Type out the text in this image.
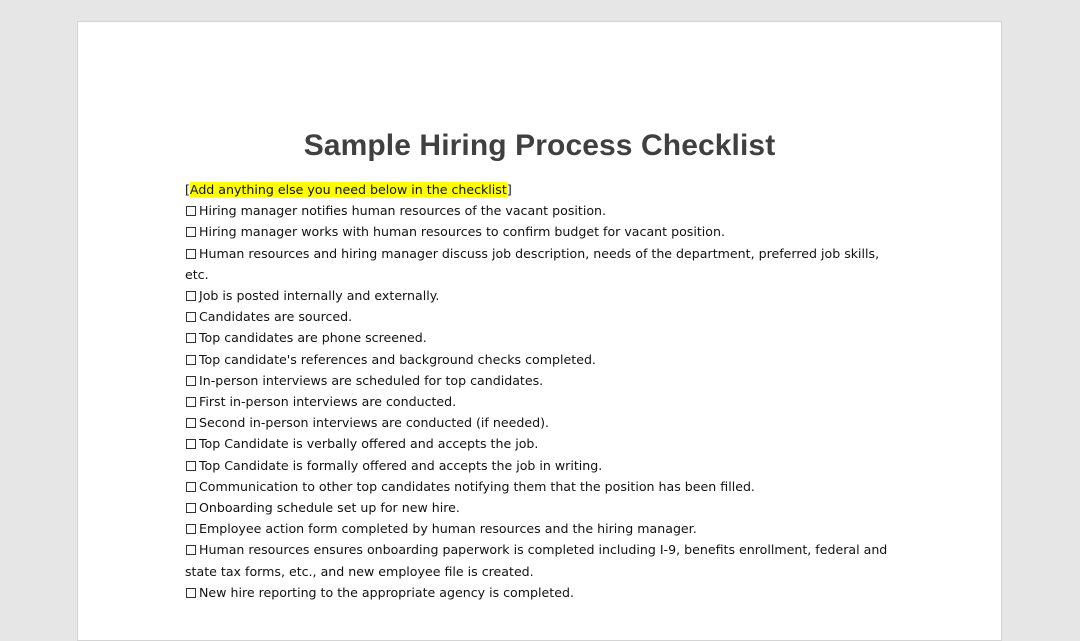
Sample Hiring Process Checklist
[Add anything else you need below in the checklist]
Hiring manager notifies human resources of the vacant position.
Hiring manager works with human resources to confirm budget for vacant position.
Human resources and hiring manager discuss job description, needs of the department, preferred job skills, etc.
Job is posted internally and externally.
Candidates are sourced.
Top candidates are phone screened.
Top candidate's references and background checks completed.
In-person interviews are scheduled for top candidates.
First in-person interviews are conducted.
Second in-person interviews are conducted (if needed).
Top Candidate is verbally offered and accepts the job.
Top Candidate is formally offered and accepts the job in writing.
Communication to other top candidates notifying them that the position has been filled.
Onboarding schedule set up for new hire.
Employee action form completed by human resources and the hiring manager.
Human resources ensures onboarding paperwork is completed including I-9, benefits enrollment, federal and state tax forms, etc., and new employee file is created.
New hire reporting to the appropriate agency is completed.
